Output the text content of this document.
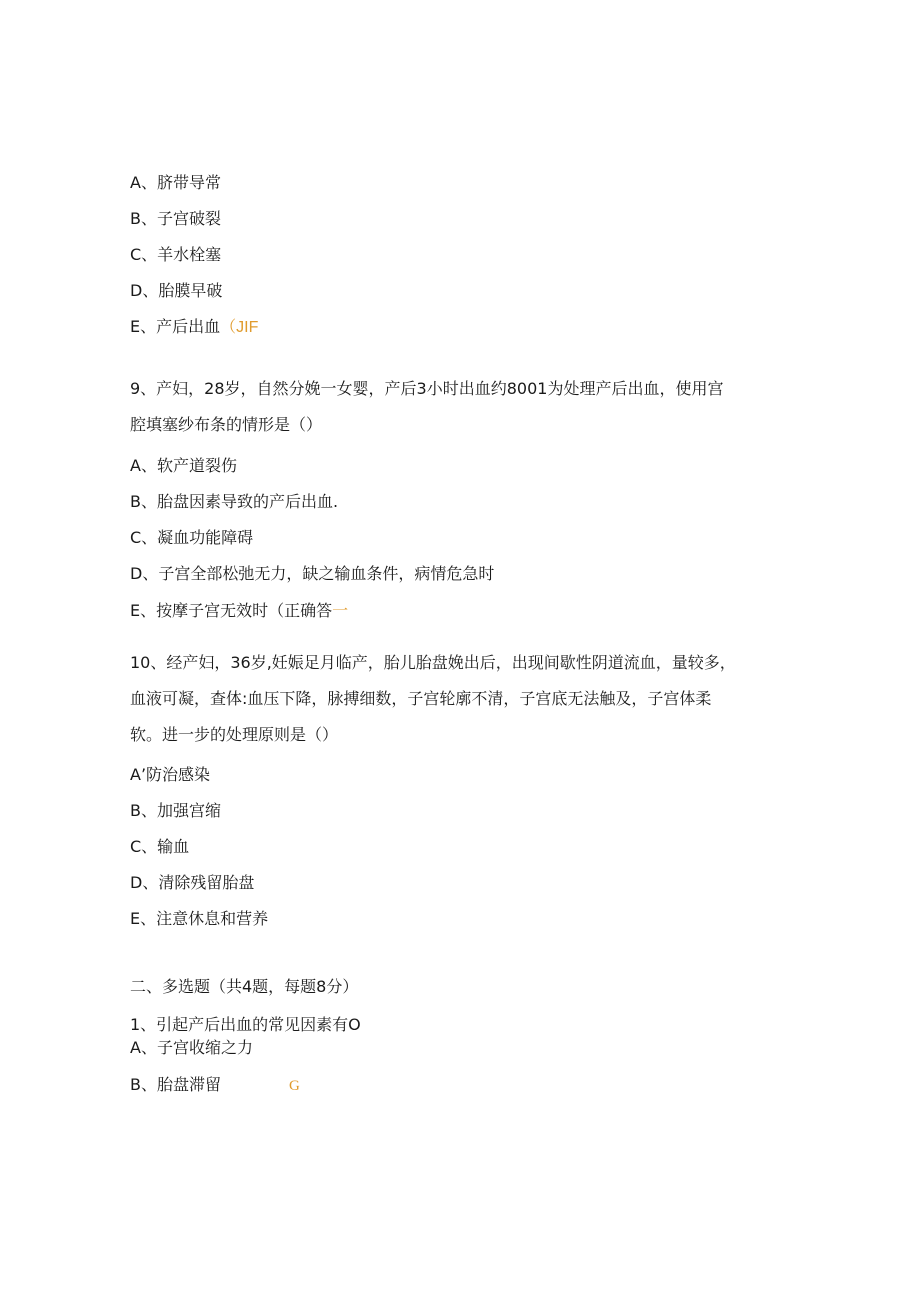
A、脐带导常
B、子宫破裂
C、羊水栓塞
D、胎膜早破
E、产后出血（JIF
9、产妇，28岁，自然分娩一女婴，产后3小时出血约8001为处理产后出血，使用宫
腔填塞纱布条的情形是（）
A、软产道裂伤
B、胎盘因素导致的产后出血.
C、凝血功能障碍
D、子宫全部松弛无力，缺之输血条件，病情危急时
E、按摩子宫无效时（正确答一
10、经产妇，36岁,妊娠足月临产，胎儿胎盘娩出后，出现间歇性阴道流血，量较多，
血液可凝，查体:血压下降，脉搏细数，子宫轮廓不清，子宫底无法触及，子宫体柔
软。进一步的处理原则是（）
A’防治感染
B、加强宫缩
C、输血
D、清除残留胎盘
E、注意休息和营养
二、多选题（共4题，每题8分）
1、引起产后出血的常见因素有O
A、子宫收缩之力
B、胎盘滞留	G
